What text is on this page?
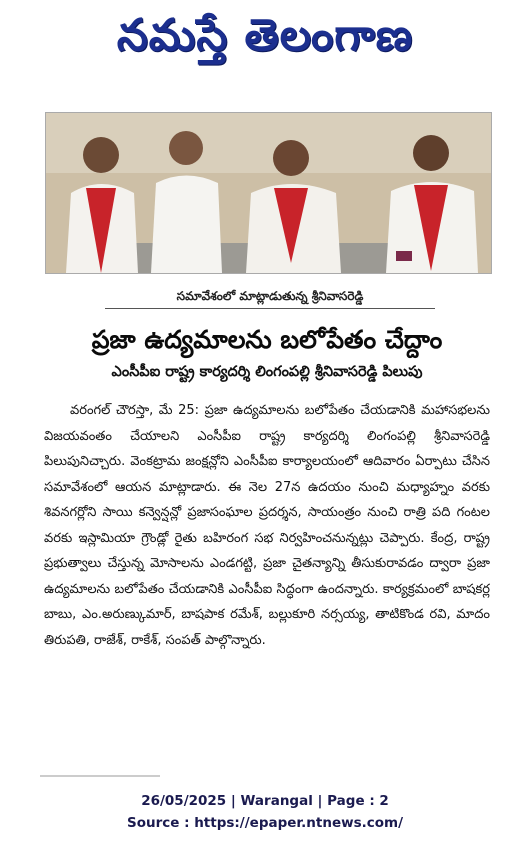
నమస్తే తెలంగాణ
సమావేశంలో మాట్లాడుతున్న శ్రీనివాసరెడ్డి
ప్రజా ఉద్యమాలను బలోపేతం చేద్దాం
ఎంసీపీఐ రాష్ట్ర కార్యదర్శి లింగంపల్లి శ్రీనివాసరెడ్డి పిలుపు

వరంగల్ చౌరస్తా, మే 25: ప్రజా ఉద్యమాలను బలోపేతం చేయడానికి మహాసభలను విజయవంతం చేయాలని ఎంసీపీఐ రాష్ట్ర కార్యదర్శి లింగంపల్లి శ్రీనివాసరెడ్డి పిలుపునిచ్చారు. వెంకట్రామ జంక్షన్లోని ఎంసీపీఐ కార్యాలయంలో ఆదివారం ఏర్పాటు చేసిన సమావేశంలో ఆయన మాట్లాడారు. ఈ నెల 27న ఉదయం నుంచి మధ్యాహ్నం వరకు శివనగర్లోని సాయి కన్వెన్షన్లో ప్రజాసంఘాల ప్రదర్శన, సాయంత్రం నుంచి రాత్రి పది గంటల వరకు ఇస్లామియా గ్రౌండ్లో రైతు బహిరంగ సభ నిర్వహించనున్నట్లు చెప్పారు. కేంద్ర, రాష్ట్ర ప్రభుత్వాలు చేస్తున్న మోసాలను ఎండగట్టి, ప్రజా చైతన్యాన్ని తీసుకురావడం ద్వారా ప్రజా ఉద్యమాలను బలోపేతం చేయడానికి ఎంసీపీఐ సిద్ధంగా ఉందన్నారు. కార్యక్రమంలో బాషకర్ల బాబు, ఎం.అరుణ్కుమార్, బాషపాక రమేశ్, బల్లుకూరి నర్సయ్య, తాటికొండ రవి, మాదం తిరుపతి, రాజేశ్, రాకేశ్, సంపత్ పాల్గొన్నారు.

26/05/2025 | Warangal | Page : 2
Source : https://epaper.ntnews.com/
